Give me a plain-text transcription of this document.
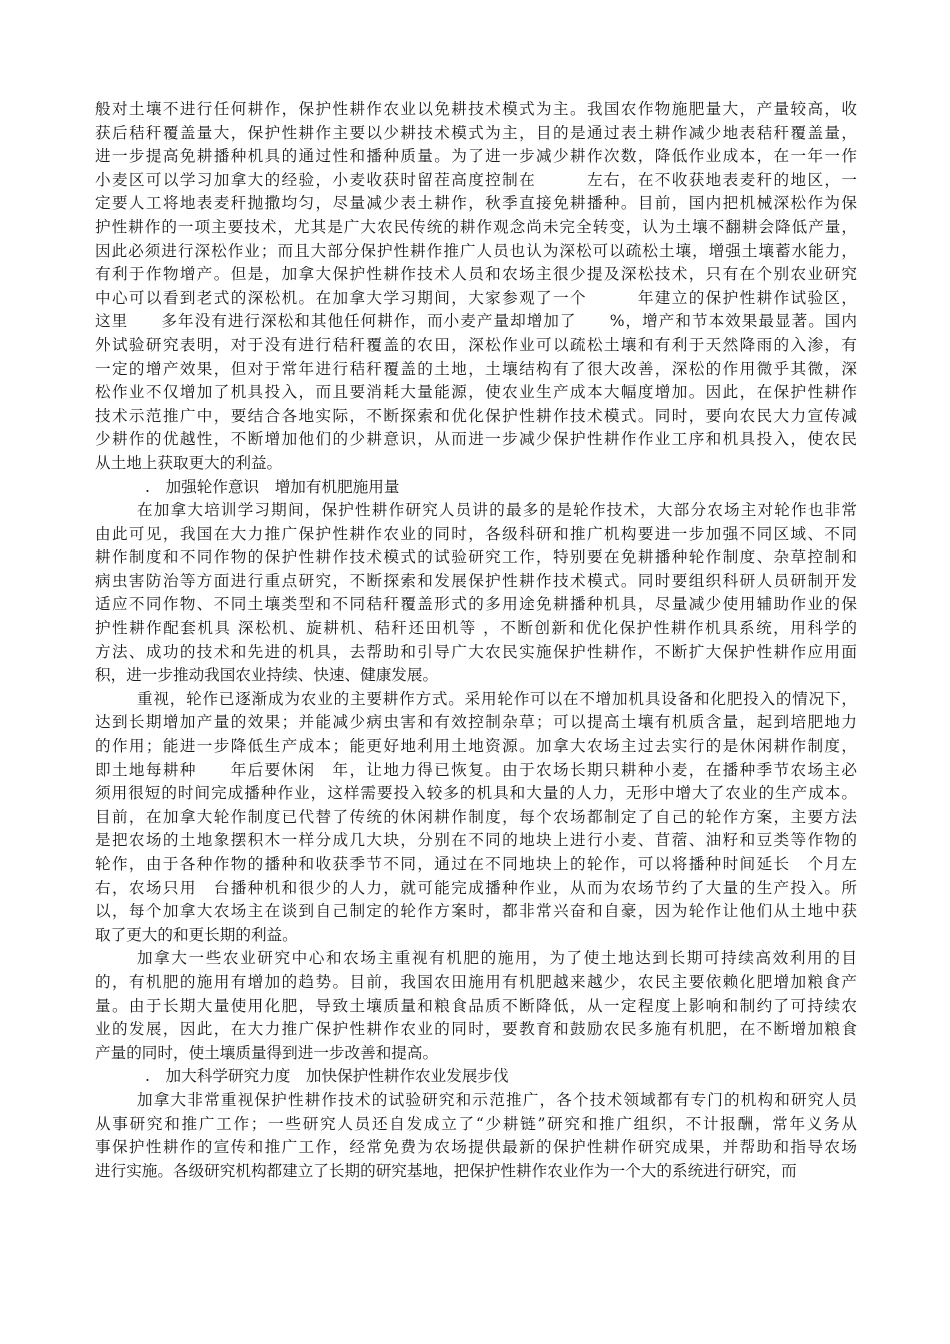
般对土壤不进行任何耕作，保护性耕作农业以免耕技术模式为主。我国农作物施肥量大，产量较高，收
获后秸秆覆盖量大，保护性耕作主要以少耕技术模式为主，目的是通过表土耕作减少地表秸秆覆盖量，
进一步提高免耕播种机具的通过性和播种质量。为了进一步减少耕作次数，降低作业成本，在一年一作
小麦区可以学习加拿大的经验，小麦收获时留茬高度控制在　　　左右，在不收获地表麦秆的地区，一
定要人工将地表麦秆抛撒均匀，尽量减少表土耕作，秋季直接免耕播种。目前，国内把机械深松作为保
护性耕作的一项主要技术，尤其是广大农民传统的耕作观念尚未完全转变，认为土壤不翻耕会降低产量，
因此必须进行深松作业；而且大部分保护性耕作推广人员也认为深松可以疏松土壤，增强土壤蓄水能力，
有利于作物增产。但是，加拿大保护性耕作技术人员和农场主很少提及深松技术，只有在个别农业研究
中心可以看到老式的深松机。在加拿大学习期间，大家参观了一个　　　年建立的保护性耕作试验区，
这里　　多年没有进行深松和其他任何耕作，而小麦产量却增加了　　%，增产和节本效果最显著。国内
外试验研究表明，对于没有进行秸秆覆盖的农田，深松作业可以疏松土壤和有利于天然降雨的入渗，有
一定的增产效果，但对于常年进行秸秆覆盖的土地，土壤结构有了很大改善，深松的作用微乎其微，深
松作业不仅增加了机具投入，而且要消耗大量能源，使农业生产成本大幅度增加。因此，在保护性耕作
技术示范推广中，要结合各地实际，不断探索和优化保护性耕作技术模式。同时，要向农民大力宣传减
少耕作的优越性，不断增加他们的少耕意识，从而进一步减少保护性耕作作业工序和机具投入，使农民
从土地上获取更大的利益。
.　加强轮作意识　增加有机肥施用量
在加拿大培训学习期间，保护性耕作研究人员讲的最多的是轮作技术，大部分农场主对轮作也非常
由此可见，我国在大力推广保护性耕作农业的同时，各级科研和推广机构要进一步加强不同区域、不同
耕作制度和不同作物的保护性耕作技术模式的试验研究工作，特别要在免耕播种轮作制度、杂草控制和
病虫害防治等方面进行重点研究，不断探索和发展保护性耕作技术模式。同时要组织科研人员研制开发
适应不同作物、不同土壤类型和不同秸秆覆盖形式的多用途免耕播种机具，尽量减少使用辅助作业的保
护性耕作配套机具 深松机、旋耕机、秸秆还田机等 ，不断创新和优化保护性耕作机具系统，用科学的
方法、成功的技术和先进的机具，去帮助和引导广大农民实施保护性耕作，不断扩大保护性耕作应用面
积，进一步推动我国农业持续、快速、健康发展。
重视，轮作已逐渐成为农业的主要耕作方式。采用轮作可以在不增加机具设备和化肥投入的情况下，
达到长期增加产量的效果；并能减少病虫害和有效控制杂草；可以提高土壤有机质含量，起到培肥地力
的作用；能进一步降低生产成本；能更好地利用土地资源。加拿大农场主过去实行的是休闲耕作制度，
即土地每耕种　　年后要休闲　年，让地力得已恢复。由于农场长期只耕种小麦，在播种季节农场主必
须用很短的时间完成播种作业，这样需要投入较多的机具和大量的人力，无形中增大了农业的生产成本。
目前，在加拿大轮作制度已代替了传统的休闲耕作制度，每个农场都制定了自己的轮作方案，主要方法
是把农场的土地象摆积木一样分成几大块，分别在不同的地块上进行小麦、苜蓿、油籽和豆类等作物的
轮作，由于各种作物的播种和收获季节不同，通过在不同地块上的轮作，可以将播种时间延长　个月左
右，农场只用　台播种机和很少的人力，就可能完成播种作业，从而为农场节约了大量的生产投入。所
以，每个加拿大农场主在谈到自己制定的轮作方案时，都非常兴奋和自豪，因为轮作让他们从土地中获
取了更大的和更长期的利益。
加拿大一些农业研究中心和农场主重视有机肥的施用，为了使土地达到长期可持续高效利用的目
的，有机肥的施用有增加的趋势。目前，我国农田施用有机肥越来越少，农民主要依赖化肥增加粮食产
量。由于长期大量使用化肥，导致土壤质量和粮食品质不断降低，从一定程度上影响和制约了可持续农
业的发展，因此，在大力推广保护性耕作农业的同时，要教育和鼓励农民多施有机肥，在不断增加粮食
产量的同时，使土壤质量得到进一步改善和提高。
.　加大科学研究力度　加快保护性耕作农业发展步伐
加拿大非常重视保护性耕作技术的试验研究和示范推广，各个技术领域都有专门的机构和研究人员
从事研究和推广工作；一些研究人员还自发成立了“少耕链”研究和推广组织，不计报酬，常年义务从
事保护性耕作的宣传和推广工作，经常免费为农场提供最新的保护性耕作研究成果，并帮助和指导农场
进行实施。各级研究机构都建立了长期的研究基地，把保护性耕作农业作为一个大的系统进行研究，而
